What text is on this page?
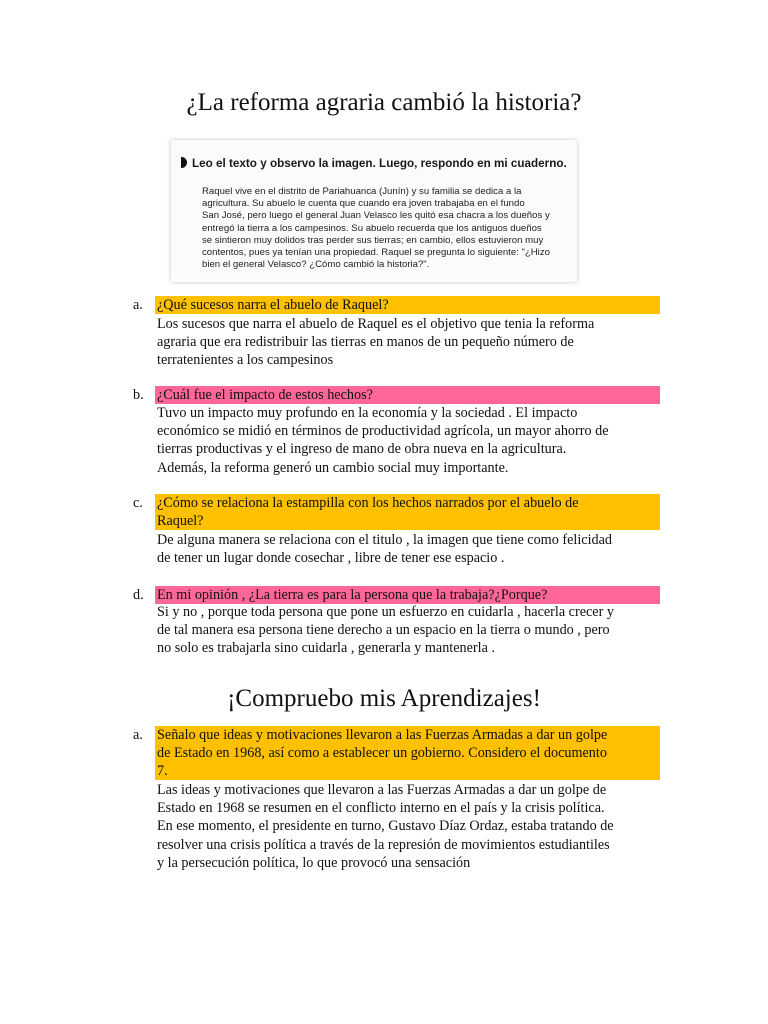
¿La reforma agraria cambió la historia?
Leo el texto y observo la imagen. Luego, respondo en mi cuaderno.
Raquel vive en el distrito de Pariahuanca (Junín) y su familia se dedica a la
agricultura. Su abuelo le cuenta que cuando era joven trabajaba en el fundo
San José, pero luego el general Juan Velasco les quitó esa chacra a los dueños y
entregó la tierra a los campesinos. Su abuelo recuerda que los antiguos dueños
se sintieron muy dolidos tras perder sus tierras; en cambio, ellos estuvieron muy
contentos, pues ya tenían una propiedad. Raquel se pregunta lo siguiente: "¿Hizo
bien el general Velasco? ¿Cómo cambió la historia?".
a. ¿Qué sucesos narra el abuelo de Raquel?
Los sucesos que narra el abuelo de Raquel es el objetivo que tenia la reforma
agraria que era redistribuir las tierras en manos de un pequeño número de
terratenientes a los campesinos
b. ¿Cuál fue el impacto de estos hechos?
Tuvo un impacto muy profundo en la economía y la sociedad . El impacto
económico se midió en términos de productividad agrícola, un mayor ahorro de
tierras productivas y el ingreso de mano de obra nueva en la agricultura.
Además, la reforma generó un cambio social muy importante.
c. ¿Cómo se relaciona la estampilla con los hechos narrados por el abuelo de
Raquel?
De alguna manera se relaciona con el titulo , la imagen que tiene como felicidad
de tener un lugar donde cosechar , libre de tener ese espacio .
d. En mi opinión , ¿La tierra es para la persona que la trabaja?¿Porque?
Si y no , porque toda persona que pone un esfuerzo en cuidarla , hacerla crecer y
de tal manera esa persona tiene derecho a un espacio en la tierra o mundo , pero
no solo es trabajarla sino cuidarla , generarla y mantenerla .
¡Compruebo mis Aprendizajes!
a. Señalo que ideas y motivaciones llevaron a las Fuerzas Armadas a dar un golpe
de Estado en 1968, así como a establecer un gobierno. Considero el documento
7.
Las ideas y motivaciones que llevaron a las Fuerzas Armadas a dar un golpe de
Estado en 1968 se resumen en el conflicto interno en el país y la crisis política.
En ese momento, el presidente en turno, Gustavo Díaz Ordaz, estaba tratando de
resolver una crisis política a través de la represión de movimientos estudiantiles
y la persecución política, lo que provocó una sensación
